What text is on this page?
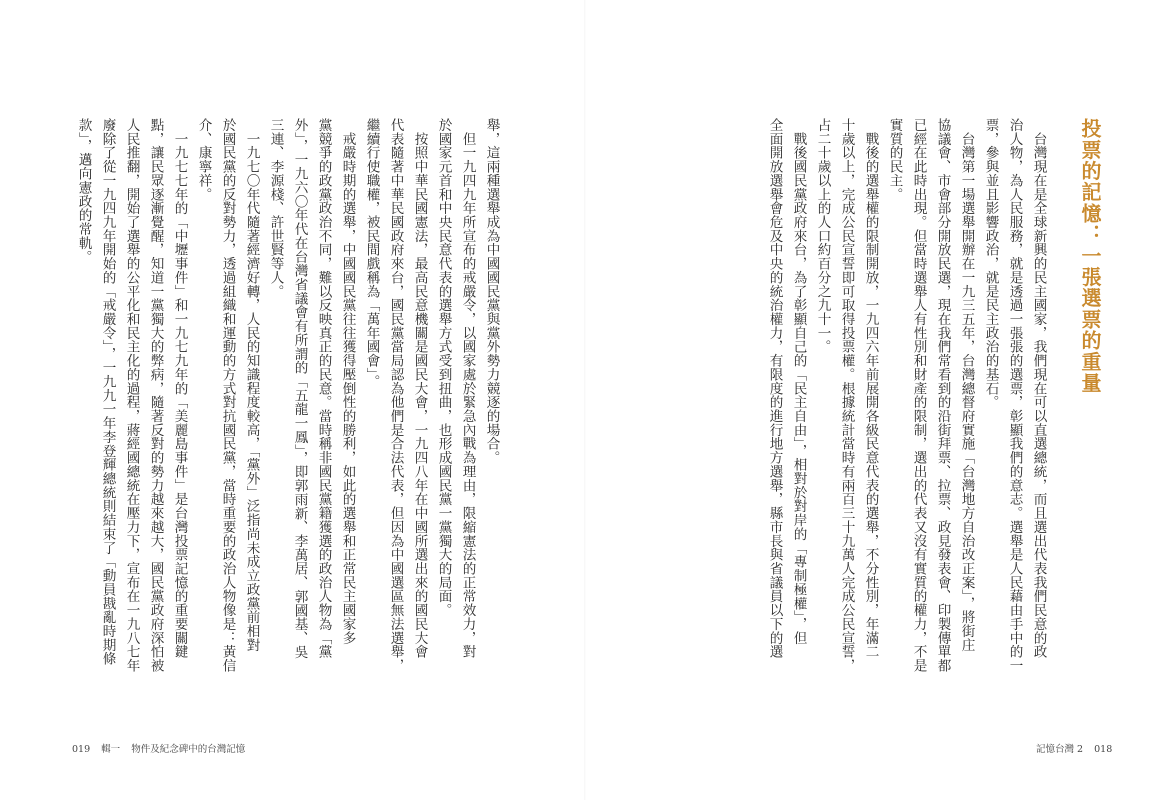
投票的記憶：一張選票的重量
　台灣現在是全球新興的民主國家，我們現在可以直選總統，而且選出代表我們民意的政
治人物，為人民服務，就是透過一張張的選票，彰顯我們的意志。選舉是人民藉由手中的一
票，參與並且影響政治，就是民主政治的基石。
　台灣第一場選舉開辦在一九三五年，台灣總督府實施「台灣地方自治改正案」，將街庄
協議會、市會部分開放民選，現在我們常看到的沿街拜票、拉票、政見發表會、印製傳單都
已經在此時出現。但當時選舉人有性別和財產的限制，選出的代表又沒有實質的權力，不是
實質的民主。
　戰後的選舉權的限制開放，一九四六年前展開各級民意代表的選舉，不分性別，年滿二
十歲以上，完成公民宣誓即可取得投票權。根據統計當時有兩百三十九萬人完成公民宣誓，
占二十歲以上的人口約百分之九十一。
　戰後國民黨政府來台，為了彰顯自己的「民主自由」，相對於對岸的「專制極權」，但
全面開放選舉會危及中央的統治權力，有限度的進行地方選舉，縣市長與省議員以下的選
舉，這兩種選舉成為中國國民黨與黨外勢力競逐的場合。
　但一九四九年所宣布的戒嚴令，以國家處於緊急內戰為理由，限縮憲法的正常效力，對
於國家元首和中央民意代表的選舉方式受到扭曲，也形成國民黨一黨獨大的局面。
　按照中華民國憲法，最高民意機關是國民大會，一九四八年在中國所選出來的國民大會
代表隨著中華民國政府來台，國民黨當局認為他們是合法代表，但因為中國選區無法選舉，
繼續行使職權，被民間戲稱為「萬年國會」。
　戒嚴時期的選舉，中國國民黨往往獲得壓倒性的勝利，如此的選舉和正常民主國家多
黨競爭的政黨政治不同，難以反映真正的民意。當時稱非國民黨籍獲選的政治人物為「黨
外」，一九六〇年代在台灣省議會有所謂的「五龍一鳳」，即郭雨新、李萬居、郭國基、吳
三連、李源棧、許世賢等人。
　一九七〇年代隨著經濟好轉，人民的知識程度較高，「黨外」泛指尚未成立政黨前相對
於國民黨的反對勢力，透過組織和運動的方式對抗國民黨，當時重要的政治人物像是：黃信
介、康寧祥。
　一九七七年的「中壢事件」和一九七九年的「美麗島事件」是台灣投票記憶的重要關鍵
點，讓民眾逐漸覺醒，知道一黨獨大的弊病，隨著反對的勢力越來越大，國民黨政府深怕被
人民推翻，開始了選舉的公平化和民主化的過程，蔣經國總統在壓力下，宣布在一九八七年
廢除了從一九四九年開始的「戒嚴令」，一九九一年李登輝總統則結束了「動員戡亂時期條
款」，邁向憲政的常軌。
019 輯一 物件及紀念碑中的台灣記憶	記憶台灣 2 018
